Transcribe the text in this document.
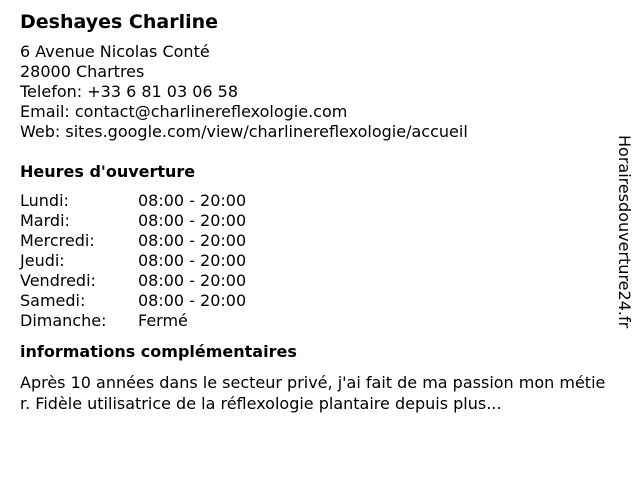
Deshayes Charline
6 Avenue Nicolas Conté
28000 Chartres
Telefon: +33 6 81 03 06 58
Email: contact@charlinereflexologie.com
Web: sites.google.com/view/charlinereflexologie/accueil
Heures d'ouverture
Lundi:	08:00 - 20:00
Mardi:	08:00 - 20:00
Mercredi:	08:00 - 20:00
Jeudi:	08:00 - 20:00
Vendredi:	08:00 - 20:00
Samedi:	08:00 - 20:00
Dimanche:	Fermé
informations complémentaires
Après 10 années dans le secteur privé, j'ai fait de ma passion mon métier. Fidèle utilisatrice de la réflexologie plantaire depuis plus...
Horairesdouverture24.fr
